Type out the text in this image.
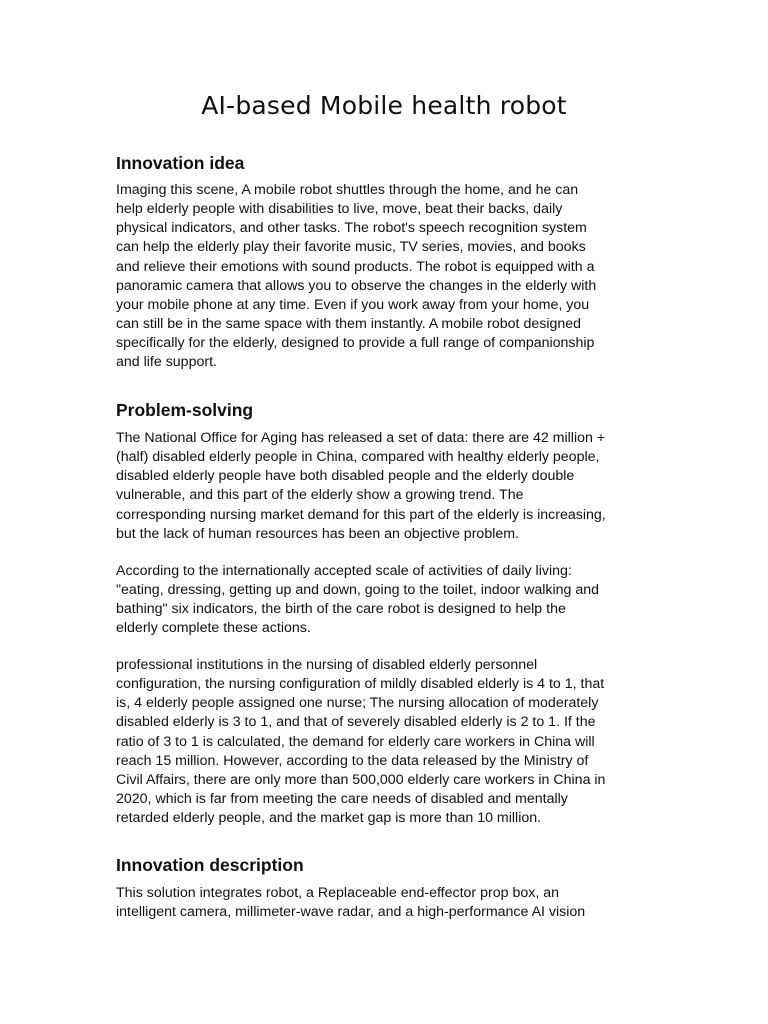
AI-based Mobile health robot
Innovation idea

Imaging this scene, A mobile robot shuttles through the home, and he can
help elderly people with disabilities to live, move, beat their backs, daily
physical indicators, and other tasks. The robot's speech recognition system
can help the elderly play their favorite music, TV series, movies, and books
and relieve their emotions with sound products. The robot is equipped with a
panoramic camera that allows you to observe the changes in the elderly with
your mobile phone at any time. Even if you work away from your home, you
can still be in the same space with them instantly. A mobile robot designed
specifically for the elderly, designed to provide a full range of companionship
and life support.

Problem-solving

The National Office for Aging has released a set of data: there are 42 million +
(half) disabled elderly people in China, compared with healthy elderly people,
disabled elderly people have both disabled people and the elderly double
vulnerable, and this part of the elderly show a growing trend. The
corresponding nursing market demand for this part of the elderly is increasing,
but the lack of human resources has been an objective problem.

According to the internationally accepted scale of activities of daily living:
"eating, dressing, getting up and down, going to the toilet, indoor walking and
bathing" six indicators, the birth of the care robot is designed to help the
elderly complete these actions.

professional institutions in the nursing of disabled elderly personnel
configuration, the nursing configuration of mildly disabled elderly is 4 to 1, that
is, 4 elderly people assigned one nurse; The nursing allocation of moderately
disabled elderly is 3 to 1, and that of severely disabled elderly is 2 to 1. If the
ratio of 3 to 1 is calculated, the demand for elderly care workers in China will
reach 15 million. However, according to the data released by the Ministry of
Civil Affairs, there are only more than 500,000 elderly care workers in China in
2020, which is far from meeting the care needs of disabled and mentally
retarded elderly people, and the market gap is more than 10 million.

Innovation description

This solution integrates robot, a Replaceable end-effector prop box, an
intelligent camera, millimeter-wave radar, and a high-performance AI vision
